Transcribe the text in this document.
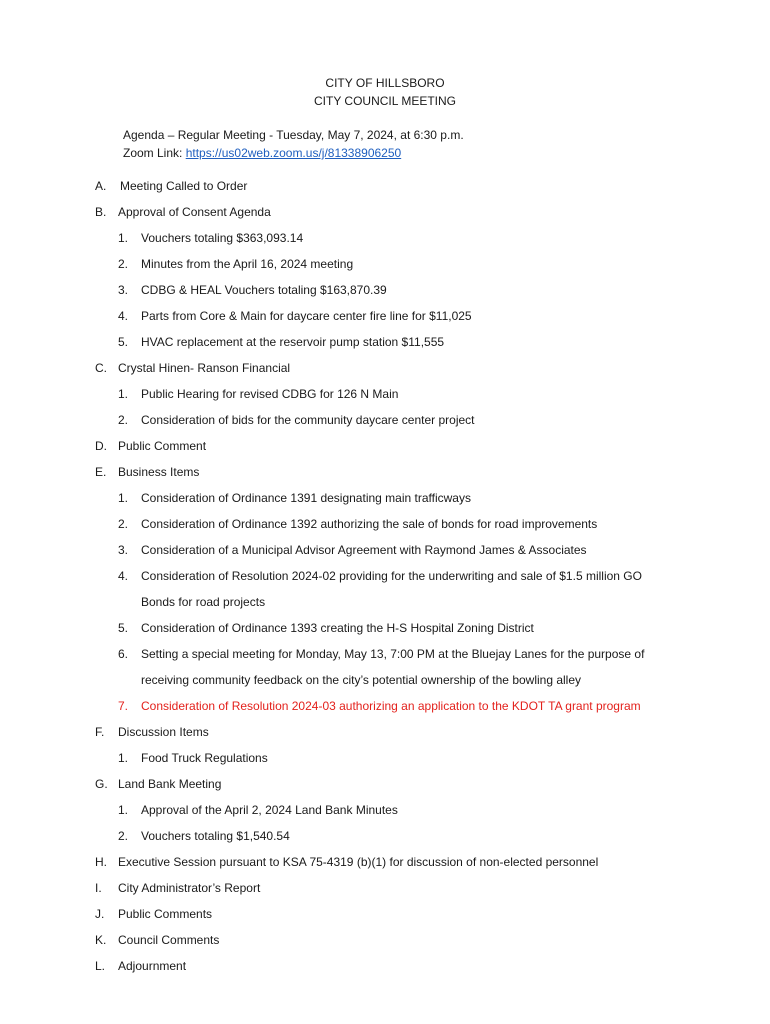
CITY OF HILLSBORO
CITY COUNCIL MEETING
Agenda – Regular Meeting - Tuesday, May 7, 2024, at 6:30 p.m.
Zoom Link: https://us02web.zoom.us/j/81338906250
A. Meeting Called to Order
B. Approval of Consent Agenda
1. Vouchers totaling $363,093.14
2. Minutes from the April 16, 2024 meeting
3. CDBG & HEAL Vouchers totaling $163,870.39
4. Parts from Core & Main for daycare center fire line for $11,025
5. HVAC replacement at the reservoir pump station $11,555
C. Crystal Hinen- Ranson Financial
1. Public Hearing for revised CDBG for 126 N Main
2. Consideration of bids for the community daycare center project
D. Public Comment
E. Business Items
1. Consideration of Ordinance 1391 designating main trafficways
2. Consideration of Ordinance 1392 authorizing the sale of bonds for road improvements
3. Consideration of a Municipal Advisor Agreement with Raymond James & Associates
4. Consideration of Resolution 2024-02 providing for the underwriting and sale of $1.5 million GO
Bonds for road projects
5. Consideration of Ordinance 1393 creating the H-S Hospital Zoning District
6. Setting a special meeting for Monday, May 13, 7:00 PM at the Bluejay Lanes for the purpose of
receiving community feedback on the city’s potential ownership of the bowling alley
7. Consideration of Resolution 2024-03 authorizing an application to the KDOT TA grant program
F. Discussion Items
1. Food Truck Regulations
G. Land Bank Meeting
1. Approval of the April 2, 2024 Land Bank Minutes
2. Vouchers totaling $1,540.54
H. Executive Session pursuant to KSA 75-4319 (b)(1) for discussion of non-elected personnel
I. City Administrator’s Report
J. Public Comments
K. Council Comments
L. Adjournment
